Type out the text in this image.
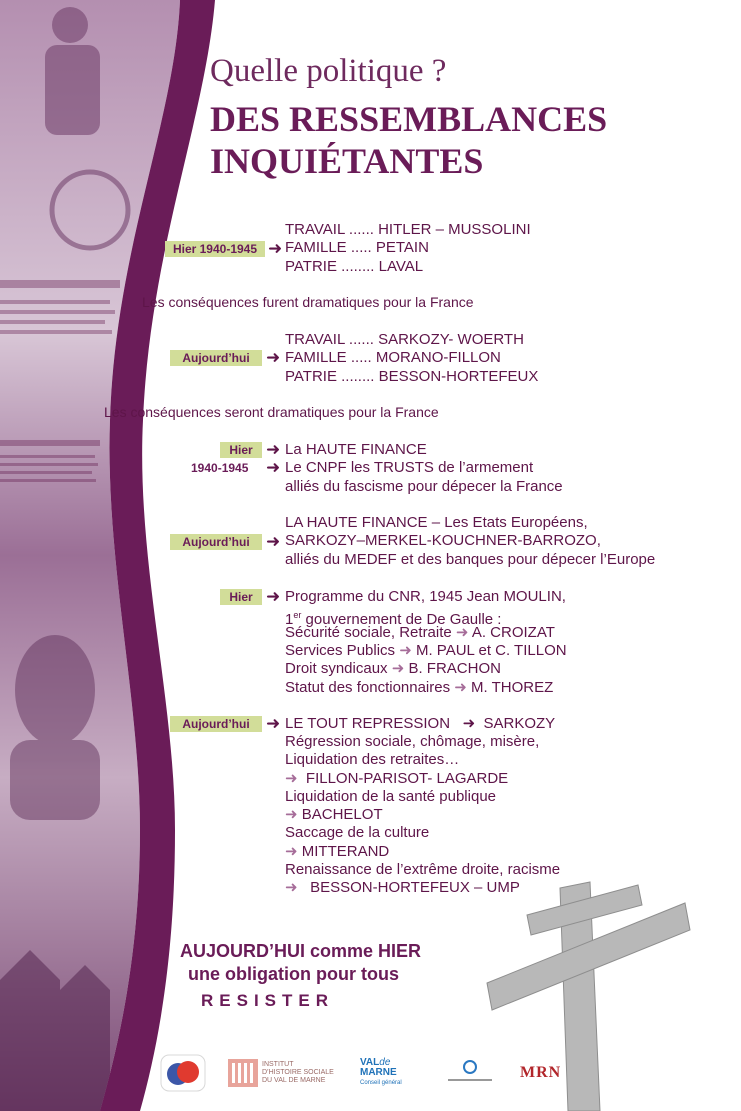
Quelle politique ?
DES RESSEMBLANCES
INQUIÉTANTES
Hier 1940-1945 ➜
TRAVAIL ...... HITLER – MUSSOLINI
FAMILLE ..... PETAIN
PATRIE ........ LAVAL
Les conséquences furent dramatiques pour la France
Aujourd’hui ➜
TRAVAIL ...... SARKOZY- WOERTH
FAMILLE ..... MORANO-FILLON
PATRIE ........ BESSON-HORTEFEUX
Les conséquences seront dramatiques pour la France
Hier ➜
1940-1945 ➜
La HAUTE FINANCE
Le CNPF les TRUSTS de l’armement
alliés du fascisme pour dépecer la France
Aujourd’hui ➜
LA HAUTE FINANCE – Les Etats Européens,
SARKOZY–MERKEL-KOUCHNER-BARROZO,
alliés du MEDEF et des banques pour dépecer l’Europe
Hier ➜ Programme du CNR, 1945 Jean MOULIN,
1er gouvernement de De Gaulle :
Sécurité sociale, Retraite ➜ A. CROIZAT
Services Publics ➜ M. PAUL et C. TILLON
Droit syndicaux ➜ B. FRACHON
Statut des fonctionnaires ➜ M. THOREZ
Aujourd’hui ➜ LE TOUT REPRESSION ➜ SARKOZY
Régression sociale, chômage, misère,
Liquidation des retraites…
➜ FILLON-PARISOT- LAGARDE
Liquidation de la santé publique
➜ BACHELOT
Saccage de la culture
➜ MITTERAND
Renaissance de l’extrême droite, racisme
➜ BESSON-HORTEFEUX – UMP
AUJOURD’HUI comme HIER
une obligation pour tous
RESISTER
INSTITUT
D’HISTOIRE SOCIALE
DU VAL DE MARNE
VALde
MARNE
Conseil général
MRN
